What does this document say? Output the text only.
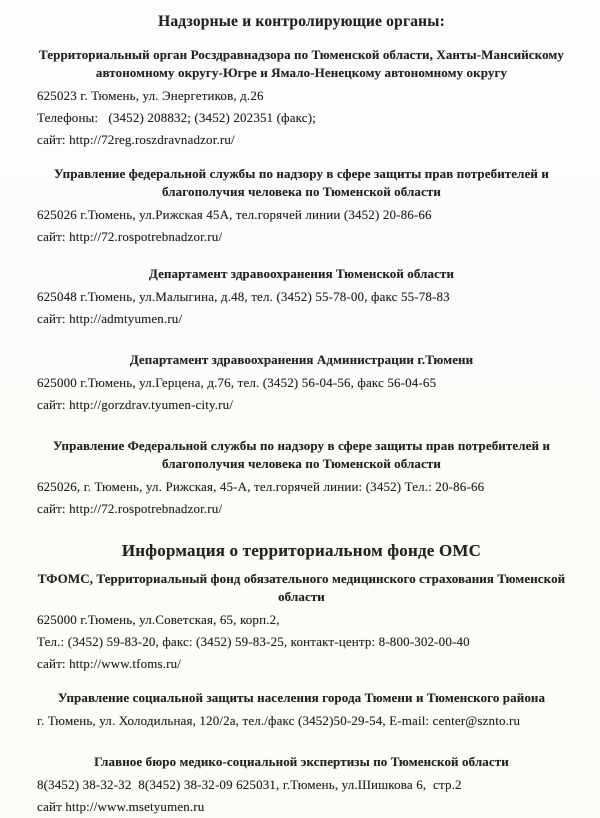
Надзорные и контролирующие органы:
Территориальный орган Росздравнадзора по Тюменской области, Ханты-Мансийскому автономному округу-Югре и Ямало-Ненецкому автономному округу

625023 г. Тюмень, ул. Энергетиков, д.26

Телефоны:   (3452) 208832; (3452) 202351 (факс);

сайт: http://72reg.roszdravnadzor.ru/

Управление федеральной службы по надзору в сфере защиты прав потребителей и благополучия человека по Тюменской области

625026 г.Тюмень, ул.Рижская 45А, тел.горячей линии (3452) 20-86-66

сайт: http://72.rospotrebnadzor.ru/

Департамент здравоохранения Тюменской области

625048 г.Тюмень, ул.Малыгина, д.48, тел. (3452) 55-78-00, факс 55-78-83

сайт: http://admtyumen.ru/

Департамент здравоохранения Администрации г.Тюмени

625000 г.Тюмень, ул.Герцена, д.76, тел. (3452) 56-04-56, факс 56-04-65

сайт: http://gorzdrav.tyumen-city.ru/

Управление Федеральной службы по надзору в сфере защиты прав потребителей и благополучия человека по Тюменской области

625026, г. Тюмень, ул. Рижская, 45-А, тел.горячей линии: (3452) Тел.: 20-86-66

сайт: http://72.rospotrebnadzor.ru/

Информация о территориальном фонде ОМС
ТФОМС, Территориальный фонд обязательного медицинского страхования Тюменской области

625000 г.Тюмень, ул.Советская, 65, корп.2,

Тел.: (3452) 59-83-20, факс: (3452) 59-83-25, контакт-центр: 8-800-302-00-40

сайт: http://www.tfoms.ru/

Управление социальной защиты населения города Тюмени и Тюменского района

г. Тюмень, ул. Холодильная, 120/2а, тел./факс (3452)50-29-54, E-mail: center@sznto.ru

Главное бюро медико-социальной экспертизы по Тюменской области

8(3452) 38-32-32  8(3452) 38-32-09 625031, г.Тюмень, ул.Шишкова 6,  стр.2

сайт http://www.msetyumen.ru
